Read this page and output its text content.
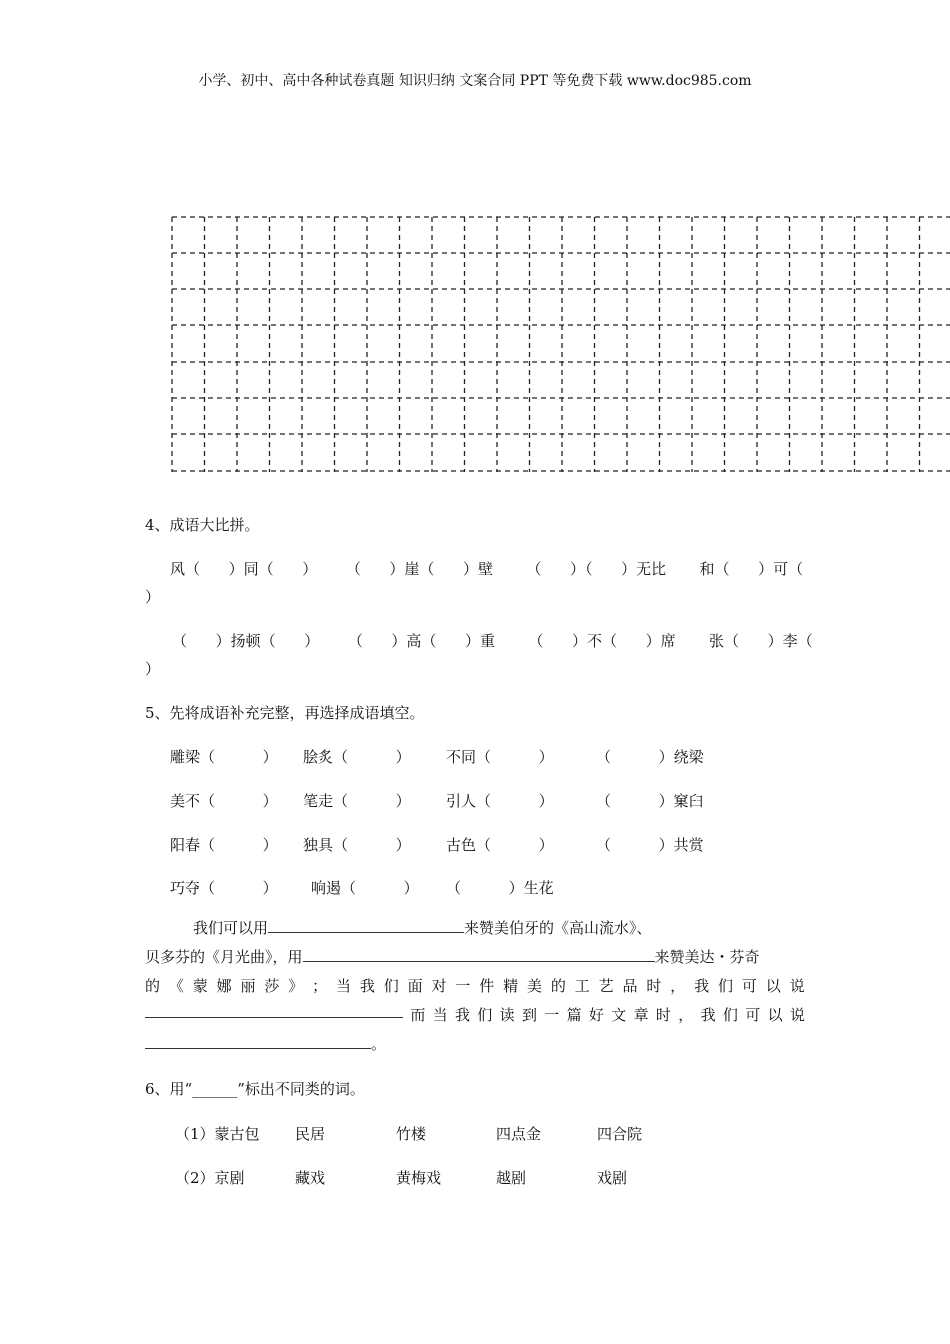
小学、初中、高中各种试卷真题 知识归纳 文案合同 PPT 等免费下载 www.doc985.com
4、成语大比拼。
风（      ）同（      ）      （      ）崖（      ）壁       （      ）（      ）无比       和（      ）可（
）
（      ）扬顿（      ）      （      ）高（      ）重       （      ）不（      ）席       张（      ）李（
）
5、先将成语补充完整，再选择成语填空。
雕梁（          ） 脍炙（          ） 不同（          ）	（          ）绕梁
美不（          ） 笔走（          ） 引人（          ）	（          ）窠臼
阳春（          ） 独具（          ） 古色（          ）	（          ）共赏
巧夺（          ） 响遏（          ） （          ）生花
我们可以用	来赞美伯牙的《高山流水》、
贝多芬的《月光曲》，用	来赞美达・芬奇
的 《 蒙 娜 丽 莎 》 ； 当 我 们 面 对 一 件 精 美 的 工 艺 品 时 ， 我 们 可 以 说
而 当 我 们 读 到 一 篇 好 文 章 时 ， 我 们 可 以 说
。
6、用“______”标出不同类的词。
（1）蒙古包 民居	竹楼	四点金	四合院
（2）京剧	藏戏	黄梅戏	越剧	戏剧
